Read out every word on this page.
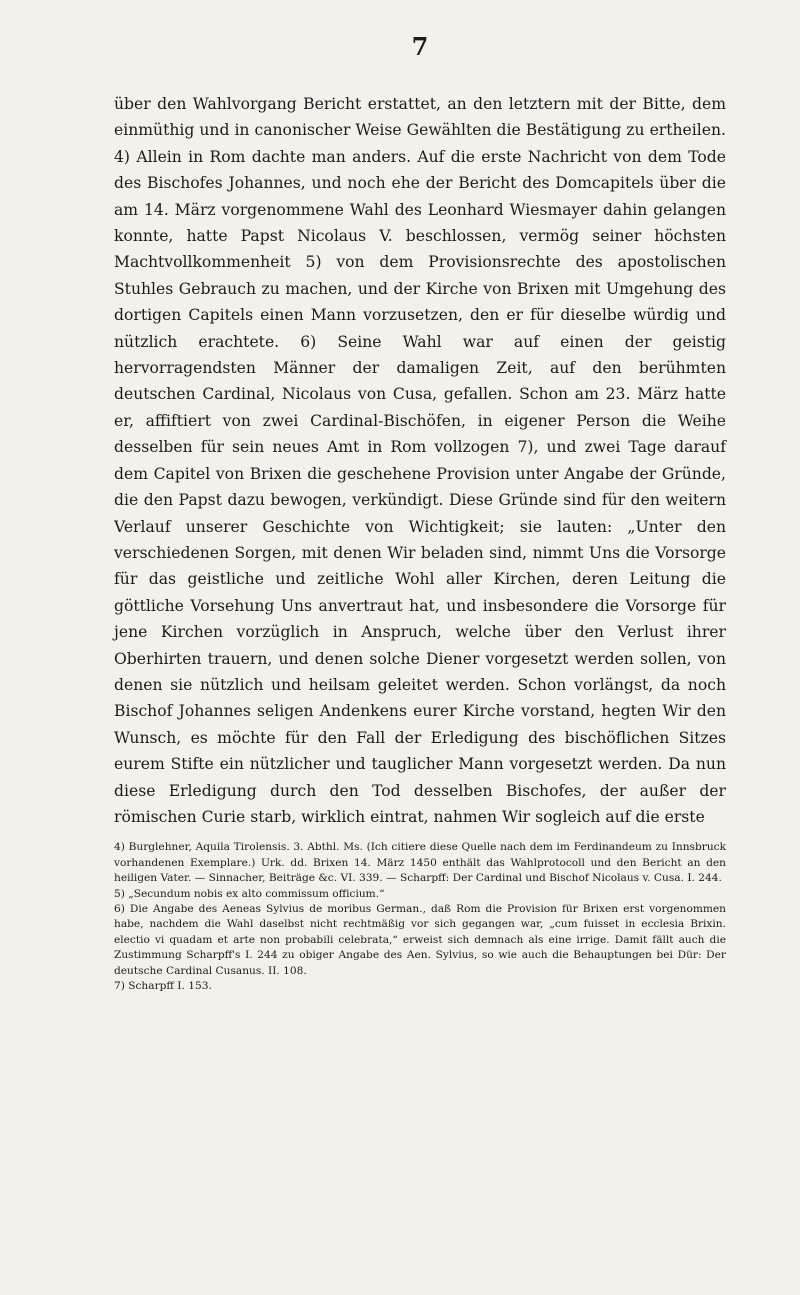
7

über den Wahlvorgang Bericht erstattet, an den letztern mit der Bitte, dem einmüthig und in canonischer Weise Gewählten die Bestätigung zu ertheilen. 4) Allein in Rom dachte man anders. Auf die erste Nachricht von dem Tode des Bischofes Johannes, und noch ehe der Bericht des Domcapitels über die am 14. März vorgenommene Wahl des Leonhard Wiesmayer dahin gelangen konnte, hatte Papst Nicolaus V. beschlossen, vermög seiner höchsten Machtvollkommenheit 5) von dem Provisionsrechte des apostolischen Stuhles Gebrauch zu machen, und der Kirche von Brixen mit Umgehung des dortigen Capitels einen Mann vorzusetzen, den er für dieselbe würdig und nützlich erachtete. 6) Seine Wahl war auf einen der geistig hervorragendsten Männer der damaligen Zeit, auf den berühmten deutschen Cardinal, Nicolaus von Cusa, gefallen. Schon am 23. März hatte er, affiftiert von zwei Cardinal-Bischöfen, in eigener Person die Weihe desselben für sein neues Amt in Rom vollzogen 7), und zwei Tage darauf dem Capitel von Brixen die geschehene Provision unter Angabe der Gründe, die den Papst dazu bewogen, verkündigt. Diese Gründe sind für den weitern Verlauf unserer Geschichte von Wichtigkeit; sie lauten: „Unter den verschiedenen Sorgen, mit denen Wir beladen sind, nimmt Uns die Vorsorge für das geistliche und zeitliche Wohl aller Kirchen, deren Leitung die göttliche Vorsehung Uns anvertraut hat, und insbesondere die Vorsorge für jene Kirchen vorzüglich in Anspruch, welche über den Verlust ihrer Oberhirten trauern, und denen solche Diener vorgesetzt werden sollen, von denen sie nützlich und heilsam geleitet werden. Schon vorlängst, da noch Bischof Johannes seligen Andenkens eurer Kirche vorstand, hegten Wir den Wunsch, es möchte für den Fall der Erledigung des bischöflichen Sitzes eurem Stifte ein nützlicher und tauglicher Mann vorgesetzt werden. Da nun diese Erledigung durch den Tod desselben Bischofes, der außer der römischen Curie starb, wirklich eintrat, nahmen Wir sogleich auf die erste

4) Burglehner, Aquila Tirolensis. 3. Abthl. Ms. (Ich citiere diese Quelle nach dem im Ferdinandeum zu Innsbruck vorhandenen Exemplare.) Urk. dd. Brixen 14. März 1450 enthält das Wahlprotocoll und den Bericht an den heiligen Vater. — Sinnacher, Beiträge &c. VI. 339. — Scharpff: Der Cardinal und Bischof Nicolaus v. Cusa. I. 244.

5) „Secundum nobis ex alto commissum officium.“

6) Die Angabe des Aeneas Sylvius de moribus German., daß Rom die Provision für Brixen erst vorgenommen habe, nachdem die Wahl daselbst nicht rechtmäßig vor sich gegangen war, „cum fuisset in ecclesia Brixin. electio vi quadam et arte non probabili celebrata,“ erweist sich demnach als eine irrige. Damit fällt auch die Zustimmung Scharpff's I. 244 zu obiger Angabe des Aen. Sylvius, so wie auch die Behauptungen bei Dür: Der deutsche Cardinal Cusanus. II. 108.

7) Scharpff I. 153.
